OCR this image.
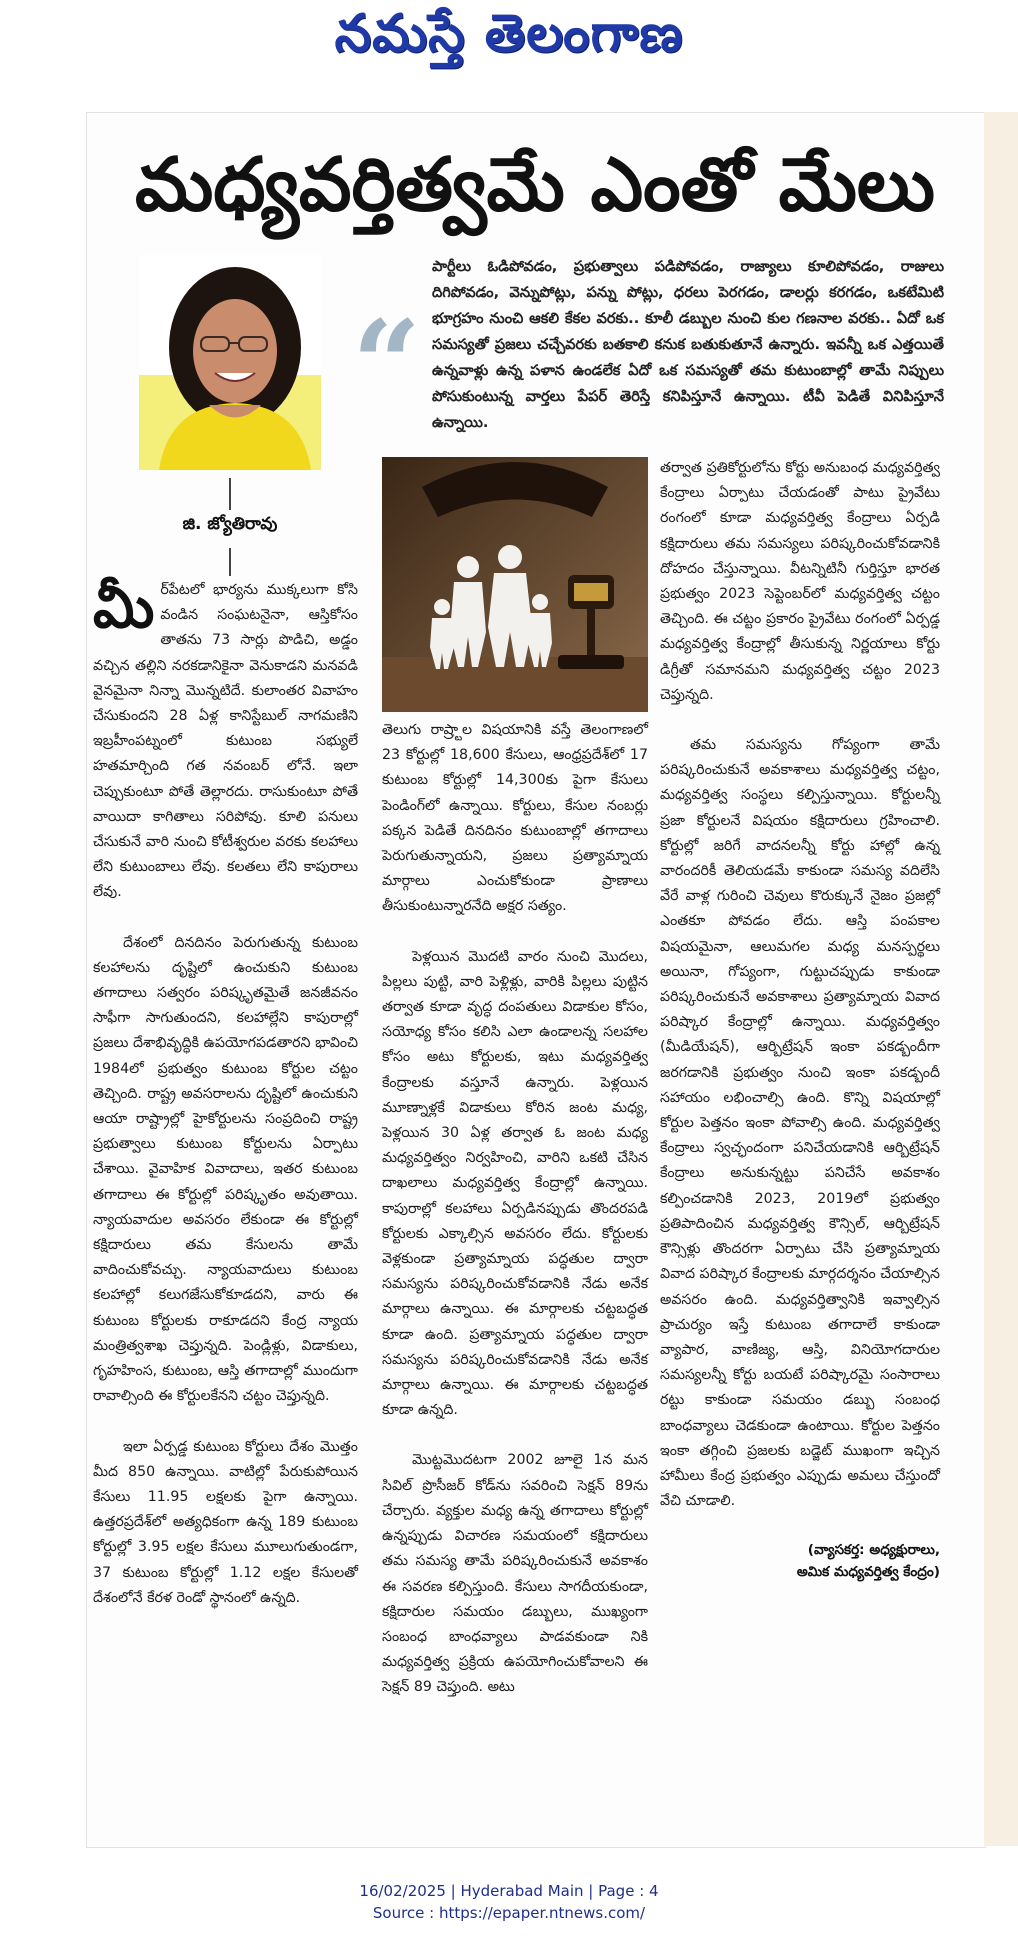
నమస్తే తెలంగాణ
మధ్యవర్తిత్వమే ఎంతో మేలు
జి. జ్యోతిరావు
“
పార్టీలు ఓడిపోవడం, ప్రభుత్వాలు పడిపోవడం, రాజ్యాలు కూలిపోవడం, రాజులు దిగిపోవడం, వెన్నుపోట్లు, పన్ను పోట్లు, ధరలు పెరగడం, డాలర్లు కరగడం, ఒకటేమిటి భూగ్రహం నుంచి ఆకలి కేకల వరకు.. కూలీ డబ్బుల నుంచి కుల గణనాల వరకు.. ఏదో ఒక సమస్యతో ప్రజలు చచ్చేవరకు బతకాలి కనుక బతుకుతూనే ఉన్నారు. ఇవన్నీ ఒక ఎత్తయితే ఉన్నవాళ్లు ఉన్న పళాన ఉండలేక ఏదో ఒక సమస్యతో తమ కుటుంబాల్లో తామే నిప్పులు పోసుకుంటున్న వార్తలు పేపర్ తెరిస్తే కనిపిస్తూనే ఉన్నాయి. టీవీ పెడితే వినిపిస్తూనే ఉన్నాయి.

మీర్‌పేటలో భార్యను ముక్కలుగా కోసి వండిన సంఘటనైనా, ఆస్తికోసం తాతను 73 సార్లు పొడిచి, అడ్డం వచ్చిన తల్లిని నరకడానికైనా వెనుకాడని మనవడి వైనమైనా నిన్నా మొన్నటిదే. కులాంతర వివాహం చేసుకుందని 28 ఏళ్ల కానిస్టేబుల్ నాగమణిని ఇబ్రహీంపట్నంలో కుటుంబ సభ్యులే హతమార్చింది గత నవంబర్ లోనే. ఇలా చెప్పుకుంటూ పోతే తెల్లారదు. రాసుకుంటూ పోతే వాయిదా కాగితాలు సరిపోవు. కూలి పనులు చేసుకునే వారి నుంచి కోటీశ్వరుల వరకు కలహాలు లేని కుటుంబాలు లేవు. కలతలు లేని కాపురాలు లేవు.

దేశంలో దినదినం పెరుగుతున్న కుటుంబ కలహాలను దృష్టిలో ఉంచుకుని కుటుంబ తగాదాలు సత్వరం పరిష్కృతమైతే జనజీవనం సాఫీగా సాగుతుందని, కలహాల్లేని కాపురాల్లో ప్రజలు దేశాభివృద్ధికి ఉపయోగపడతారని భావించి 1984లో ప్రభుత్వం కుటుంబ కోర్టుల చట్టం తెచ్చింది. రాష్ట్ర అవసరాలను దృష్టిలో ఉంచుకుని ఆయా రాష్ట్రాల్లో హైకోర్టులను సంప్రదించి రాష్ట్ర ప్రభుత్వాలు కుటుంబ కోర్టులను ఏర్పాటు చేశాయి. వైవాహిక వివాదాలు, ఇతర కుటుంబ తగాదాలు ఈ కోర్టుల్లో పరిష్కృతం అవుతాయి. న్యాయవాదుల అవసరం లేకుండా ఈ కోర్టుల్లో కక్షిదారులు తమ కేసులను తామే వాదించుకోవచ్చు. న్యాయవాదులు కుటుంబ కలహాల్లో కలుగజేసుకోకూడదని, వారు ఈ కుటుంబ కోర్టులకు రాకూడదని కేంద్ర న్యాయ మంత్రిత్వశాఖ చెప్తున్నది. పెండ్లిళ్లు, విడాకులు, గృహహింస, కుటుంబ, ఆస్తి తగాదాల్లో ముందుగా రావాల్సింది ఈ కోర్టులకేనని చట్టం చెప్తున్నది.

ఇలా ఏర్పడ్డ కుటుంబ కోర్టులు దేశం మొత్తం మీద 850 ఉన్నాయి. వాటిల్లో పేరుకుపోయిన కేసులు 11.95 లక్షలకు పైగా ఉన్నాయి. ఉత్తరప్రదేశ్‌లో అత్యధికంగా ఉన్న 189 కుటుంబ కోర్టుల్లో 3.95 లక్షల కేసులు మూలుగుతుండగా, 37 కుటుంబ కోర్టుల్లో 1.12 లక్షల కేసులతో దేశంలోనే కేరళ రెండో స్థానంలో ఉన్నది.

తెలుగు రాష్ర్టాల విషయానికి వస్తే తెలంగాణలో 23 కోర్టుల్లో 18,600 కేసులు, ఆంధ్రప్రదేశ్‌లో 17 కుటుంబ కోర్టుల్లో 14,300కు పైగా కేసులు పెండింగ్‌లో ఉన్నాయి. కోర్టులు, కేసుల నంబర్లు పక్కన పెడితే దినదినం కుటుంబాల్లో తగాదాలు పెరుగుతున్నాయని, ప్రజలు ప్రత్యామ్నాయ మార్గాలు ఎంచుకోకుండా ప్రాణాలు తీసుకుంటున్నారనేది అక్షర సత్యం.

పెళ్లయిన మొదటి వారం నుంచి మొదలు, పిల్లలు పుట్టి, వారి పెళ్లిళ్లు, వారికి పిల్లలు పుట్టిన తర్వాత కూడా వృద్ధ దంపతులు విడాకుల కోసం, సయోధ్య కోసం కలిసి ఎలా ఉండాలన్న సలహాల కోసం అటు కోర్టులకు, ఇటు మధ్యవర్తిత్వ కేంద్రాలకు వస్తూనే ఉన్నారు. పెళ్లయిన మూణ్నాళ్లకే విడాకులు కోరిన జంట మధ్య, పెళ్లయిన 30 ఏళ్ల తర్వాత ఓ జంట మధ్య మధ్యవర్తిత్వం నిర్వహించి, వారిని ఒకటి చేసిన దాఖలాలు మధ్యవర్తిత్వ కేంద్రాల్లో ఉన్నాయి. కాపురాల్లో కలహాలు ఏర్పడినప్పుడు తొందరపడి కోర్టులకు ఎక్కాల్సిన అవసరం లేదు. కోర్టులకు వెళ్లకుండా ప్రత్యామ్నాయ పద్ధతుల ద్వారా సమస్యను పరిష్కరించుకోవడానికి నేడు అనేక మార్గాలు ఉన్నాయి. ఈ మార్గాలకు చట్టబద్ధత కూడా ఉంది. ప్రత్యామ్నాయ పద్ధతుల ద్వారా సమస్యను పరిష్కరించుకోవడానికి నేడు అనేక మార్గాలు ఉన్నాయి. ఈ మార్గాలకు చట్టబద్ధత కూడా ఉన్నది.

మొట్టమొదటగా 2002 జూలై 1న మన సివిల్ ప్రొసీజర్ కోడ్‌ను సవరించి సెక్షన్ 89ను చేర్చారు. వ్యక్తుల మధ్య ఉన్న తగాదాలు కోర్టుల్లో ఉన్నప్పుడు విచారణ సమయంలో కక్షిదారులు తమ సమస్య తామే పరిష్కరించుకునే అవకాశం ఈ సవరణ కల్పిస్తుంది. కేసులు సాగదీయకుండా, కక్షిదారుల సమయం డబ్బులు, ముఖ్యంగా సంబంధ బాంధవ్యాలు పాడవకుండా నికి మధ్యవర్తిత్వ ప్రక్రియ ఉపయోగించుకోవాలని ఈ సెక్షన్ 89 చెప్తుంది. అటు

తర్వాత ప్రతికోర్టులోను కోర్టు అనుబంధ మధ్యవర్తిత్వ కేంద్రాలు ఏర్పాటు చేయడంతో పాటు ప్రైవేటు రంగంలో కూడా మధ్యవర్తిత్వ కేంద్రాలు ఏర్పడి కక్షిదారులు తమ సమస్యలు పరిష్కరించుకోవడానికి దోహదం చేస్తున్నాయి. వీటన్నిటినీ గుర్తిస్తూ భారత ప్రభుత్వం 2023 సెప్టెంబర్‌లో మధ్యవర్తిత్వ చట్టం తెచ్చింది. ఈ చట్టం ప్రకారం ప్రైవేటు రంగంలో ఏర్పడ్డ మధ్యవర్తిత్వ కేంద్రాల్లో తీసుకున్న నిర్ణయాలు కోర్టు డిగ్రీతో సమానమని మధ్యవర్తిత్వ చట్టం 2023 చెప్తున్నది.

తమ సమస్యను గోప్యంగా తామే పరిష్కరించుకునే అవకాశాలు మధ్యవర్తిత్వ చట్టం, మధ్యవర్తిత్వ సంస్థలు కల్పిస్తున్నాయి. కోర్టులన్నీ ప్రజా కోర్టులనే విషయం కక్షిదారులు గ్రహించాలి. కోర్టుల్లో జరిగే వాదనలన్నీ కోర్టు హాల్లో ఉన్న వారందరికీ తెలియడమే కాకుండా సమస్య వదిలేసి వేరే వాళ్ల గురించి చెవులు కొరుక్కునే నైజం ప్రజల్లో ఎంతకూ పోవడం లేదు. ఆస్తి పంపకాల విషయమైనా, ఆలుమగల మధ్య మనస్పర్థలు అయినా, గోప్యంగా, గుట్టుచప్పుడు కాకుండా పరిష్కరించుకునే అవకాశాలు ప్రత్యామ్నాయ వివాద పరిష్కార కేంద్రాల్లో ఉన్నాయి. మధ్యవర్తిత్వం (మీడియేషన్), ఆర్బిట్రేషన్ ఇంకా పకడ్బందీగా జరగడానికి ప్రభుత్వం నుంచి ఇంకా పకడ్బందీ సహాయం లభించాల్సి ఉంది. కొన్ని విషయాల్లో కోర్టుల పెత్తనం ఇంకా పోవాల్సి ఉంది. మధ్యవర్తిత్వ కేంద్రాలు స్వచ్ఛందంగా పనిచేయడానికి ఆర్బిట్రేషన్ కేంద్రాలు అనుకున్నట్టు పనిచేసే అవకాశం కల్పించడానికి 2023, 2019లో ప్రభుత్వం ప్రతిపాదించిన మధ్యవర్తిత్వ కౌన్సిల్, ఆర్బిట్రేషన్ కౌన్సిళ్లు తొందరగా ఏర్పాటు చేసి ప్రత్యామ్నాయ వివాద పరిష్కార కేంద్రాలకు మార్గదర్శనం చేయాల్సిన అవసరం ఉంది. మధ్యవర్తిత్వానికి ఇవ్వాల్సిన ప్రాచుర్యం ఇస్తే కుటుంబ తగాదాలే కాకుండా వ్యాపార, వాణిజ్య, ఆస్తి, వినియోగదారుల సమస్యలన్నీ కోర్టు బయటే పరిష్కారమై సంసారాలు రట్టు కాకుండా సమయం డబ్బు సంబంధ బాంధవ్యాలు చెడకుండా ఉంటాయి. కోర్టుల పెత్తనం ఇంకా తగ్గించి ప్రజలకు బడ్జెట్ ముఖంగా ఇచ్చిన హామీలు కేంద్ర ప్రభుత్వం ఎప్పుడు అమలు చేస్తుందో వేచి చూడాలి.

(వ్యాసకర్త: అధ్యక్షురాలు,
అమిక మధ్యవర్తిత్వ కేంద్రం)
16/02/2025 | Hyderabad Main | Page : 4
Source : https://epaper.ntnews.com/
